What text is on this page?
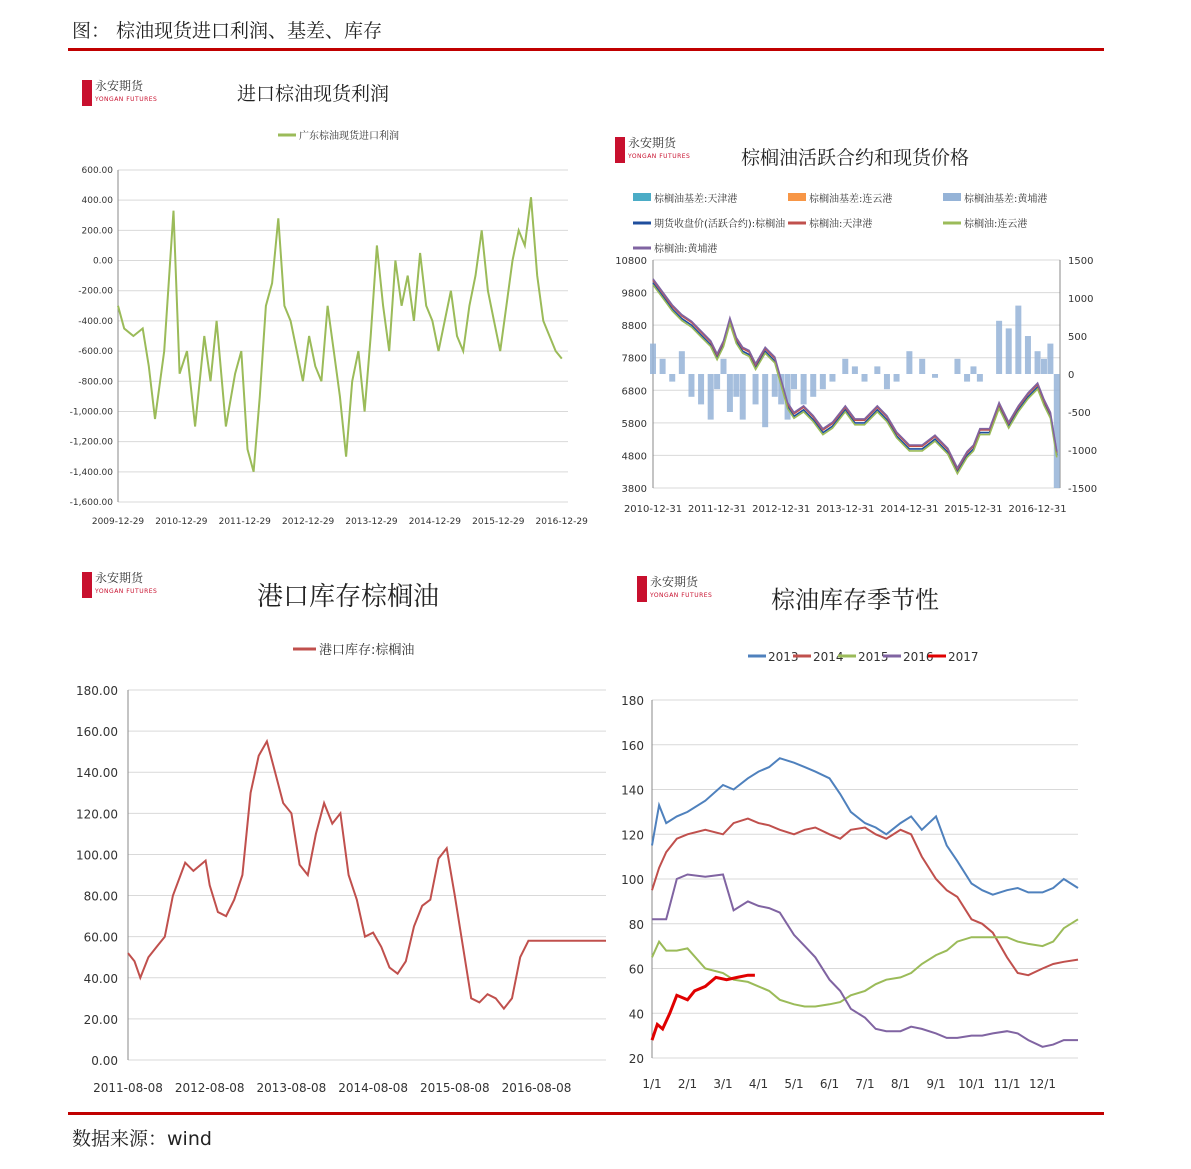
图： 棕油现货进口利润、基差、库存
数据来源：wind
永安期货
YONGAN FUTURES
永安期货
YONGAN FUTURES
永安期货
YONGAN FUTURES
永安期货
YONGAN FUTURES
进口棕油现货利润
广东棕油现货进口利润
600.00
400.00
200.00
0.00
-200.00
-400.00
-600.00
-800.00
-1,000.00
-1,200.00
-1,400.00
-1,600.00
2009-12-29 2010-12-29 2011-12-29 2012-12-29 2013-12-29 2014-12-29 2015-12-29 2016-12-29
棕榈油活跃合约和现货价格
棕榈油基差:天津港	棕榈油基差:连云港	棕榈油基差:黄埔港
期货收盘价(活跃合约):棕榈油 棕榈油:天津港	棕榈油:连云港
棕榈油:黄埔港
10800
9800
8800
7800
6800
5800
4800
3800
1500
1000
500
0
-500
-1000
-1500
2010-12-31 2011-12-31 2012-12-31 2013-12-31 2014-12-31 2015-12-31 2016-12-31
港口库存棕榈油
港口库存:棕榈油
180.00
160.00
140.00
120.00
100.00
80.00
60.00
40.00
20.00
0.00
2011-08-08 2012-08-08 2013-08-08 2014-08-08 2015-08-08 2016-08-08
棕油库存季节性
2013 2014 2015 2016 2017
180
160
140
120
100
80
60
40
20
1/1 2/1 3/1 4/1 5/1 6/1 7/1 8/1 9/1 10/1 11/1 12/1
